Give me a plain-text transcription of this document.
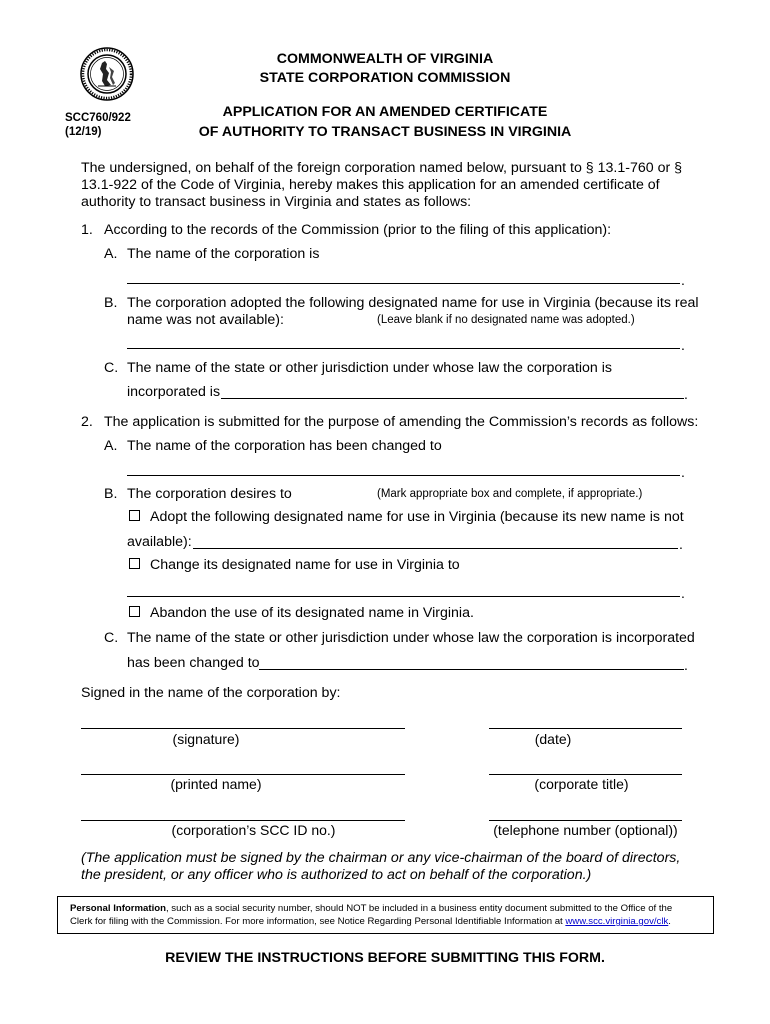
COMMONWEALTH OF VIRGINIA
STATE CORPORATION COMMISSION
SCC760/922
(12/19)
APPLICATION FOR AN AMENDED CERTIFICATE
OF AUTHORITY TO TRANSACT BUSINESS IN VIRGINIA
The undersigned, on behalf of the foreign corporation named below, pursuant to § 13.1-760 or §
13.1-922 of the Code of Virginia, hereby makes this application for an amended certificate of
authority to transact business in Virginia and states as follows:
1. According to the records of the Commission (prior to the filing of this application):
A. The name of the corporation is
.
B. The corporation adopted the following designated name for use in Virginia (because its real
name was not available):	(Leave blank if no designated name was adopted.)
.
C. The name of the state or other jurisdiction under whose law the corporation is
incorporated is	.
2. The application is submitted for the purpose of amending the Commission’s records as follows:
A. The name of the corporation has been changed to
.
B. The corporation desires to	(Mark appropriate box and complete, if appropriate.)
Adopt the following designated name for use in Virginia (because its new name is not
available):	.
Change its designated name for use in Virginia to
.
Abandon the use of its designated name in Virginia.
C. The name of the state or other jurisdiction under whose law the corporation is incorporated
has been changed to	.
Signed in the name of the corporation by:
(signature)	(date)
(printed name)	(corporate title)
(corporation’s SCC ID no.)	(telephone number (optional))
(The application must be signed by the chairman or any vice-chairman of the board of directors,
the president, or any officer who is authorized to act on behalf of the corporation.)
Personal Information, such as a social security number, should NOT be included in a business entity document submitted to the Office of the
Clerk for filing with the Commission. For more information, see Notice Regarding Personal Identifiable Information at www.scc.virginia.gov/clk.
REVIEW THE INSTRUCTIONS BEFORE SUBMITTING THIS FORM.
